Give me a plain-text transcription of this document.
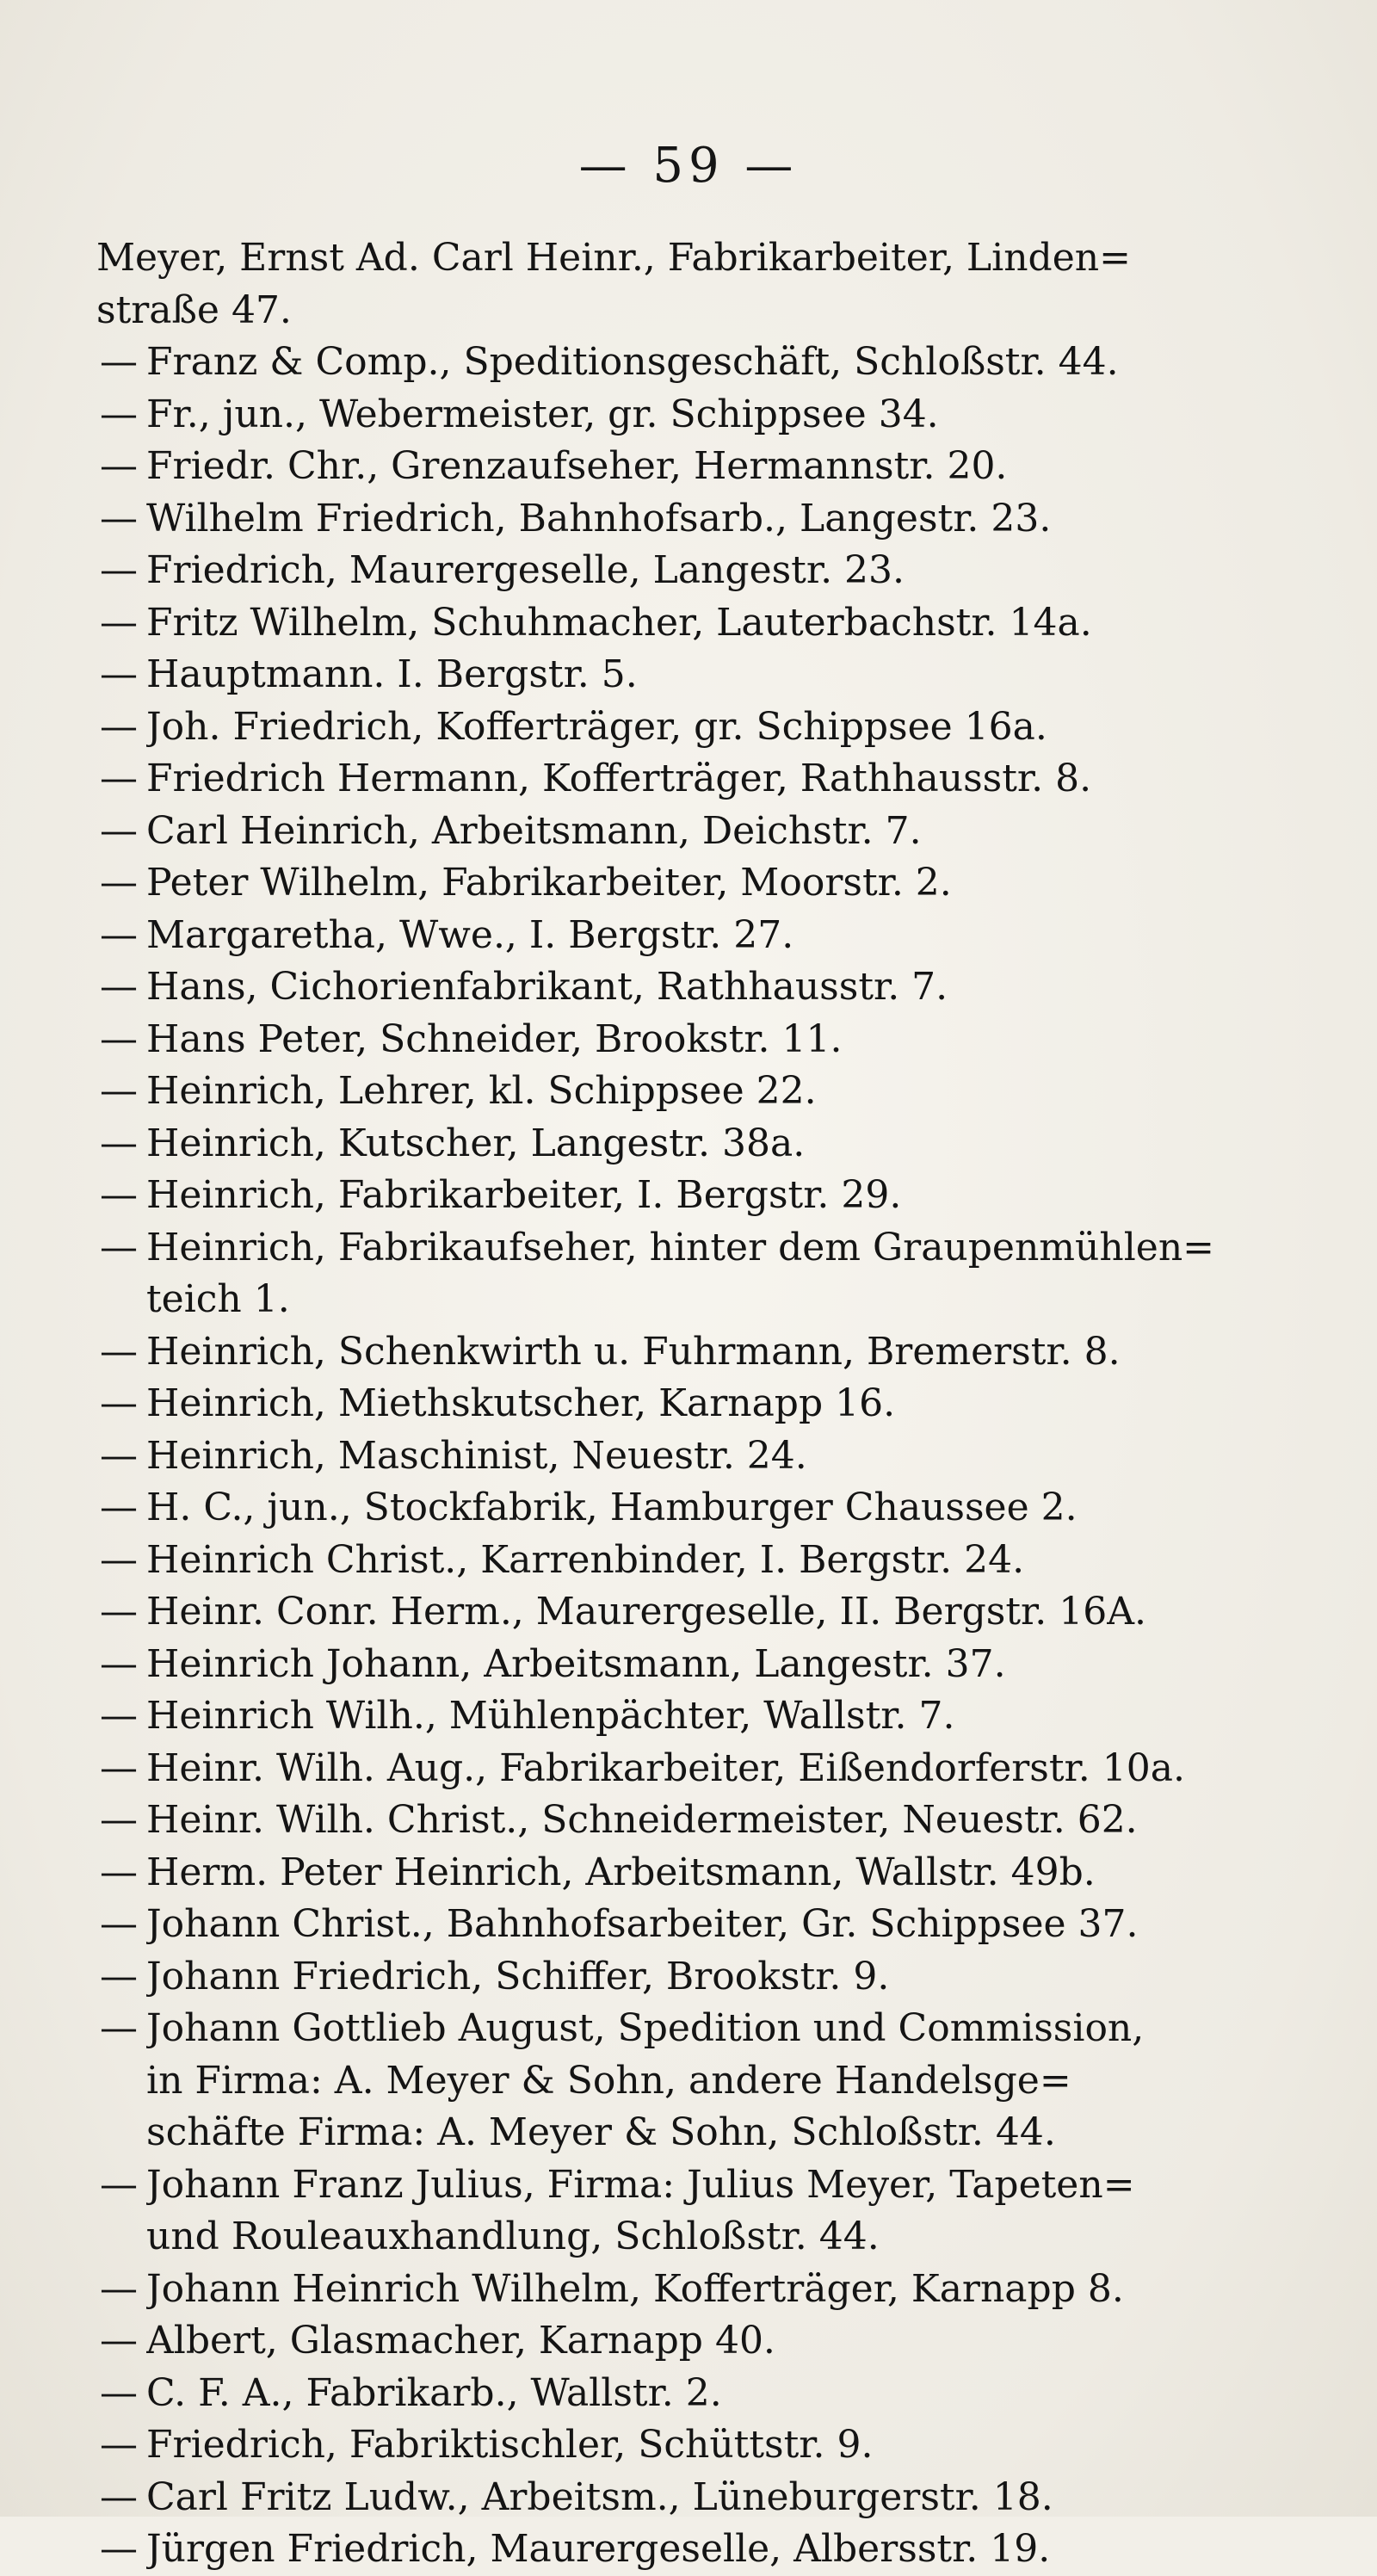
— 59 —
Meyer, Ernst Ad. Carl Heinr., Fabrikarbeiter, Linden=
straße 47.
— Franz & Comp., Speditionsgeschäft, Schloßstr. 44.
— Fr., jun., Webermeister, gr. Schippsee 34.
— Friedr. Chr., Grenzaufseher, Hermannstr. 20.
— Wilhelm Friedrich, Bahnhofsarb., Langestr. 23.
— Friedrich, Maurergeselle, Langestr. 23.
— Fritz Wilhelm, Schuhmacher, Lauterbachstr. 14a.
— Hauptmann. I. Bergstr. 5.
— Joh. Friedrich, Kofferträger, gr. Schippsee 16a.
— Friedrich Hermann, Kofferträger, Rathhausstr. 8.
— Carl Heinrich, Arbeitsmann, Deichstr. 7.
— Peter Wilhelm, Fabrikarbeiter, Moorstr. 2.
— Margaretha, Wwe., I. Bergstr. 27.
— Hans, Cichorienfabrikant, Rathhausstr. 7.
— Hans Peter, Schneider, Brookstr. 11.
— Heinrich, Lehrer, kl. Schippsee 22.
— Heinrich, Kutscher, Langestr. 38a.
— Heinrich, Fabrikarbeiter, I. Bergstr. 29.
— Heinrich, Fabrikaufseher, hinter dem Graupenmühlen=
teich 1.
— Heinrich, Schenkwirth u. Fuhrmann, Bremerstr. 8.
— Heinrich, Miethskutscher, Karnapp 16.
— Heinrich, Maschinist, Neuestr. 24.
— H. C., jun., Stockfabrik, Hamburger Chaussee 2.
— Heinrich Christ., Karrenbinder, I. Bergstr. 24.
— Heinr. Conr. Herm., Maurergeselle, II. Bergstr. 16A.
— Heinrich Johann, Arbeitsmann, Langestr. 37.
— Heinrich Wilh., Mühlenpächter, Wallstr. 7.
— Heinr. Wilh. Aug., Fabrikarbeiter, Eißendorferstr. 10a.
— Heinr. Wilh. Christ., Schneidermeister, Neuestr. 62.
— Herm. Peter Heinrich, Arbeitsmann, Wallstr. 49b.
— Johann Christ., Bahnhofsarbeiter, Gr. Schippsee 37.
— Johann Friedrich, Schiffer, Brookstr. 9.
— Johann Gottlieb August, Spedition und Commission,
in Firma: A. Meyer & Sohn, andere Handelsge=
schäfte Firma: A. Meyer & Sohn, Schloßstr. 44.
— Johann Franz Julius, Firma: Julius Meyer, Tapeten=
und Rouleauxhandlung, Schloßstr. 44.
— Johann Heinrich Wilhelm, Kofferträger, Karnapp 8.
— Albert, Glasmacher, Karnapp 40.
— C. F. A., Fabrikarb., Wallstr. 2.
— Friedrich, Fabriktischler, Schüttstr. 9.
— Carl Fritz Ludw., Arbeitsm., Lüneburgerstr. 18.
— Jürgen Friedrich, Maurergeselle, Albersstr. 19.
